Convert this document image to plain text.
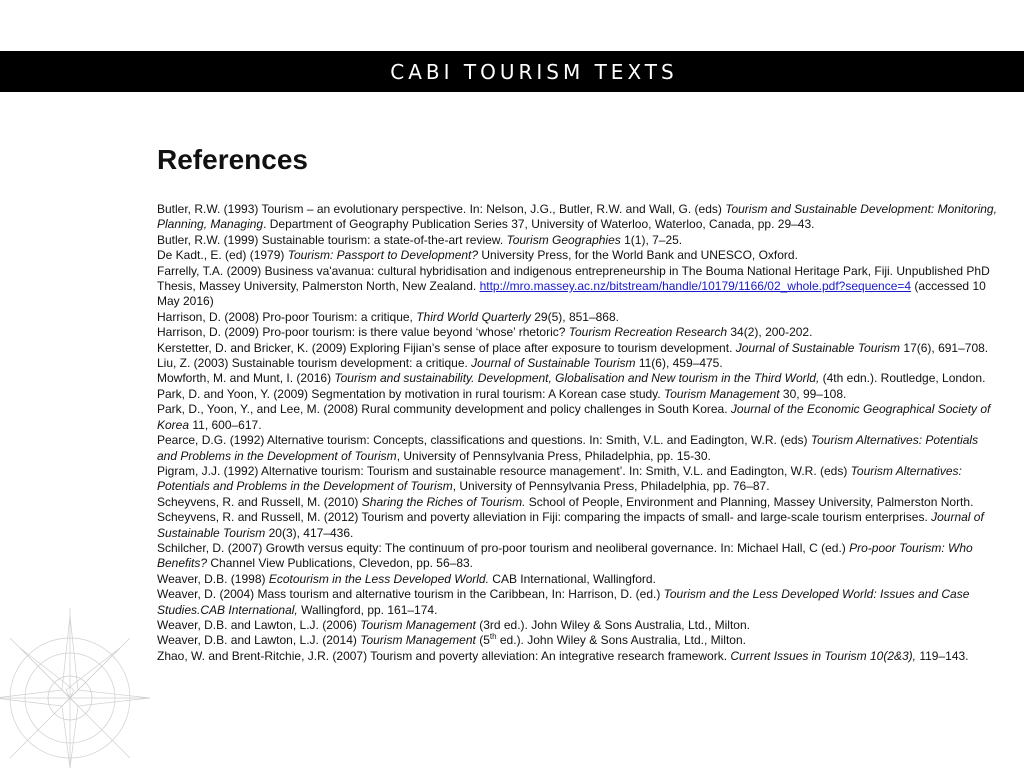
CABI TOURISM TEXTS
References

Butler, R.W. (1993) Tourism – an evolutionary perspective. In: Nelson, J.G., Butler, R.W. and Wall, G. (eds) Tourism and Sustainable Development: Monitoring, Planning, Managing. Department of Geography Publication Series 37, University of Waterloo, Waterloo, Canada, pp. 29–43.

Butler, R.W. (1999) Sustainable tourism: a state-of-the-art review. Tourism Geographies 1(1), 7–25.

De Kadt., E. (ed) (1979) Tourism: Passport to Development? University Press, for the World Bank and UNESCO, Oxford.

Farrelly, T.A. (2009) Business va'avanua: cultural hybridisation and indigenous entrepreneurship in The Bouma National Heritage Park, Fiji. Unpublished PhD Thesis, Massey University, Palmerston North, New Zealand. http://mro.massey.ac.nz/bitstream/handle/10179/1166/02_whole.pdf?sequence=4 (accessed 10 May 2016)

Harrison, D. (2008) Pro-poor Tourism: a critique, Third World Quarterly 29(5), 851–868.

Harrison, D. (2009) Pro-poor tourism: is there value beyond ‘whose’ rhetoric? Tourism Recreation Research 34(2), 200-202.

Kerstetter, D. and Bricker, K. (2009) Exploring Fijian’s sense of place after exposure to tourism development. Journal of Sustainable Tourism 17(6), 691–708.

Liu, Z. (2003) Sustainable tourism development: a critique. Journal of Sustainable Tourism 11(6), 459–475.

Mowforth, M. and Munt, I. (2016) Tourism and sustainability. Development, Globalisation and New tourism in the Third World, (4th edn.). Routledge, London.

Park, D. and Yoon, Y. (2009) Segmentation by motivation in rural tourism: A Korean case study. Tourism Management 30, 99–108.

Park, D., Yoon, Y., and Lee, M. (2008) Rural community development and policy challenges in South Korea. Journal of the Economic Geographical Society of Korea 11, 600–617.

Pearce, D.G. (1992) Alternative tourism: Concepts, classifications and questions. In: Smith, V.L. and Eadington, W.R. (eds) Tourism Alternatives: Potentials and Problems in the Development of Tourism, University of Pennsylvania Press, Philadelphia, pp. 15-30.

Pigram, J.J. (1992) Alternative tourism: Tourism and sustainable resource management’. In: Smith, V.L. and Eadington, W.R. (eds) Tourism Alternatives: Potentials and Problems in the Development of Tourism, University of Pennsylvania Press, Philadelphia, pp. 76–87.

Scheyvens, R. and Russell, M. (2010) Sharing the Riches of Tourism. School of People, Environment and Planning, Massey University, Palmerston North.

Scheyvens, R. and Russell, M. (2012) Tourism and poverty alleviation in Fiji: comparing the impacts of small- and large-scale tourism enterprises. Journal of Sustainable Tourism 20(3), 417–436.

Schilcher, D. (2007) Growth versus equity: The continuum of pro-poor tourism and neoliberal governance. In: Michael Hall, C (ed.) Pro-poor Tourism: Who Benefits? Channel View Publications, Clevedon, pp. 56–83.

Weaver, D.B. (1998) Ecotourism in the Less Developed World. CAB International, Wallingford.

Weaver, D. (2004) Mass tourism and alternative tourism in the Caribbean, In: Harrison, D. (ed.) Tourism and the Less Developed World: Issues and Case Studies.CAB International, Wallingford, pp. 161–174.

Weaver, D.B. and Lawton, L.J. (2006) Tourism Management (3rd ed.). John Wiley & Sons Australia, Ltd., Milton.

Weaver, D.B. and Lawton, L.J. (2014) Tourism Management (5th ed.). John Wiley & Sons Australia, Ltd., Milton.

Zhao, W. and Brent-Ritchie, J.R. (2007) Tourism and poverty alleviation: An integrative research framework. Current Issues in Tourism 10(2&3), 119–143.
